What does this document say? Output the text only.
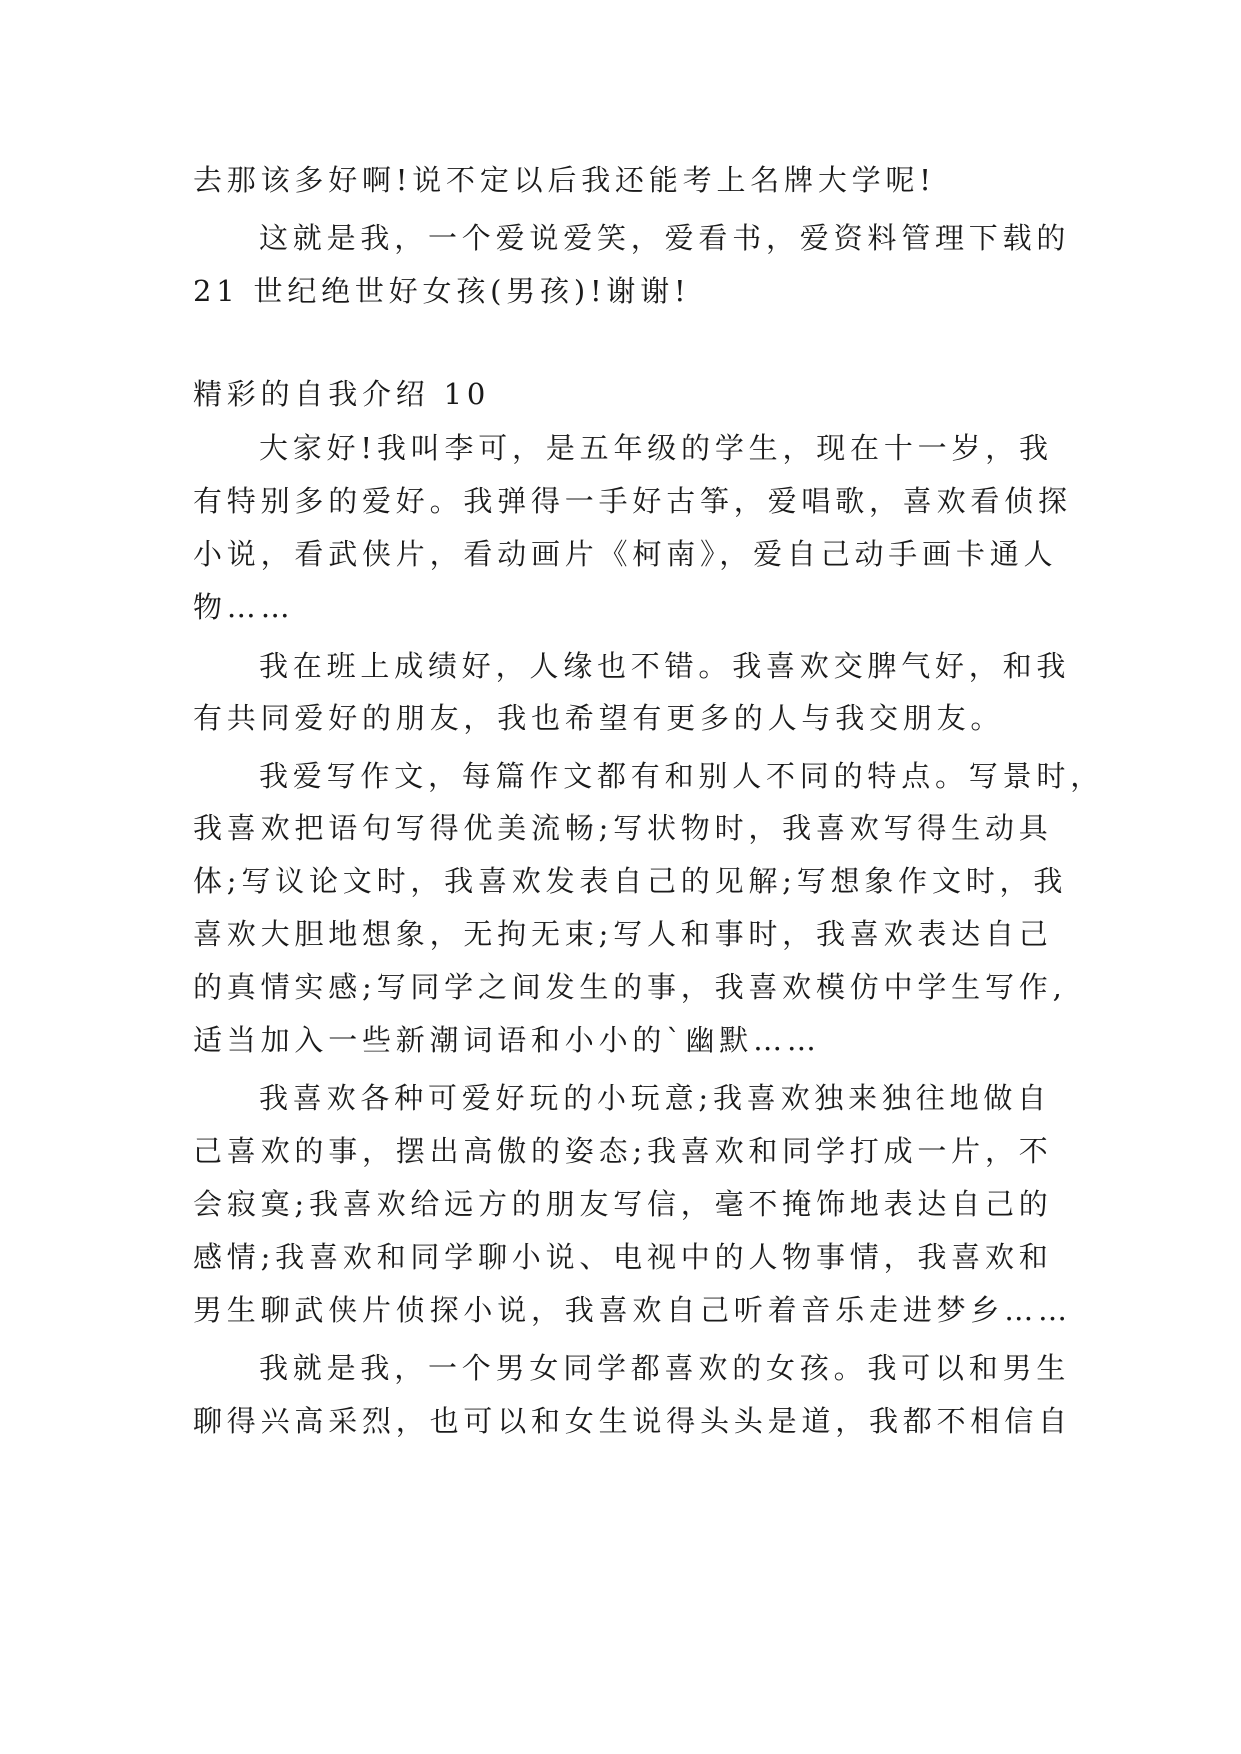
去那该多好啊!说不定以后我还能考上名牌大学呢!
这就是我，一个爱说爱笑，爱看书，爱资料管理下载的
21 世纪绝世好女孩(男孩)!谢谢!
精彩的自我介绍 10
大家好!我叫李可，是五年级的学生，现在十一岁，我
有特别多的爱好。我弹得一手好古筝，爱唱歌，喜欢看侦探
小说，看武侠片，看动画片《柯南》，爱自己动手画卡通人
物……
我在班上成绩好，人缘也不错。我喜欢交脾气好，和我
有共同爱好的朋友，我也希望有更多的人与我交朋友。
我爱写作文，每篇作文都有和别人不同的特点。写景时，
我喜欢把语句写得优美流畅;写状物时，我喜欢写得生动具
体;写议论文时，我喜欢发表自己的见解;写想象作文时，我
喜欢大胆地想象，无拘无束;写人和事时，我喜欢表达自己
的真情实感;写同学之间发生的事，我喜欢模仿中学生写作,
适当加入一些新潮词语和小小的`幽默……
我喜欢各种可爱好玩的小玩意;我喜欢独来独往地做自
己喜欢的事，摆出高傲的姿态;我喜欢和同学打成一片，不
会寂寞;我喜欢给远方的朋友写信，毫不掩饰地表达自己的
感情;我喜欢和同学聊小说、电视中的人物事情，我喜欢和
男生聊武侠片侦探小说，我喜欢自己听着音乐走进梦乡……
我就是我，一个男女同学都喜欢的女孩。我可以和男生
聊得兴高采烈，也可以和女生说得头头是道，我都不相信自
